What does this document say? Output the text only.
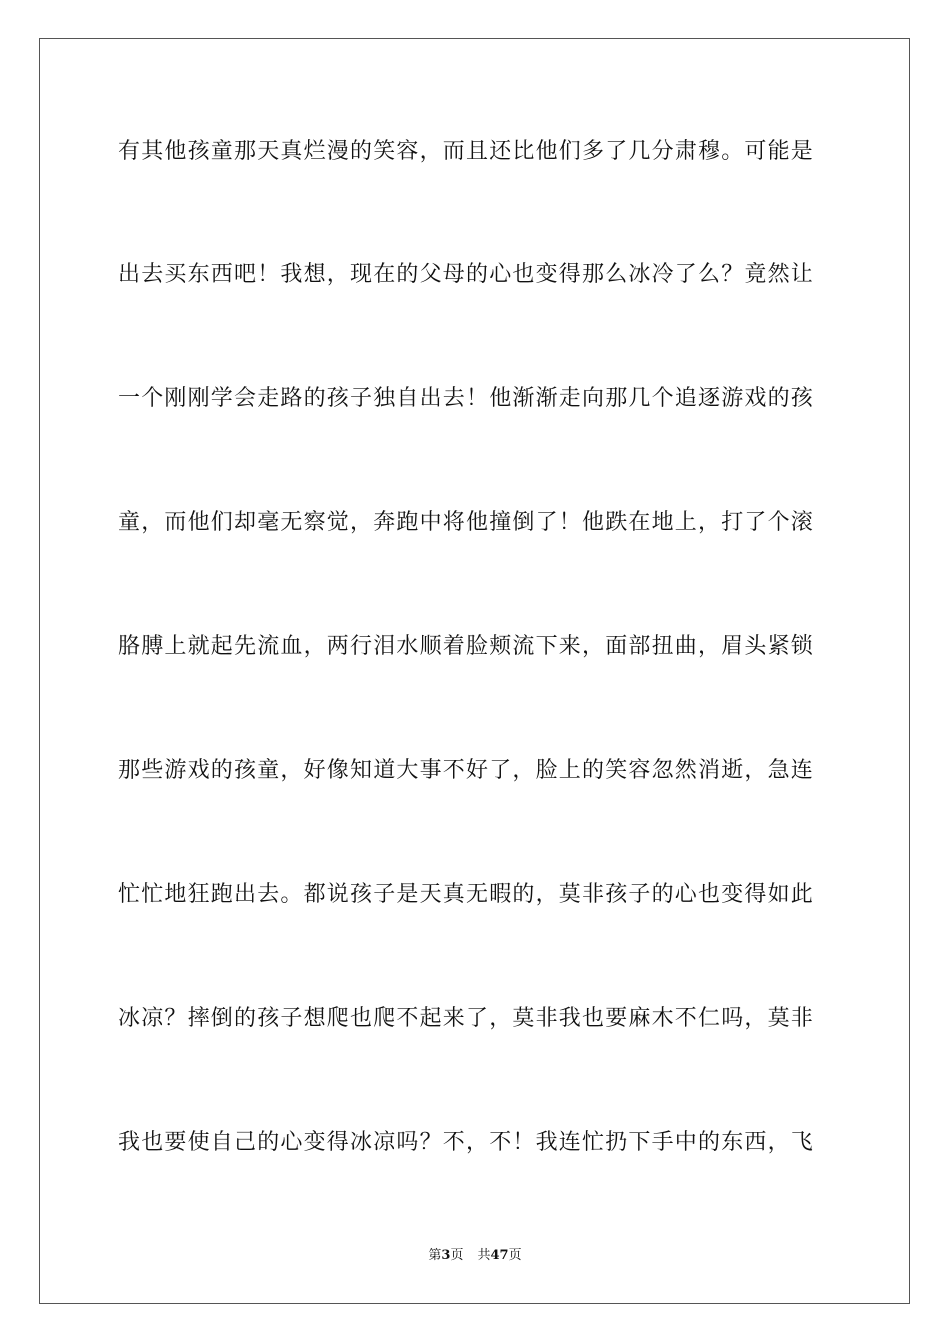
有其他孩童那天真烂漫的笑容，而且还比他们多了几分肃穆。可能是
出去买东西吧！我想，现在的父母的心也变得那么冰冷了么？竟然让
一个刚刚学会走路的孩子独自出去！他渐渐走向那几个追逐游戏的孩
童，而他们却毫无察觉，奔跑中将他撞倒了！他跌在地上，打了个滚
胳膊上就起先流血，两行泪水顺着脸颊流下来，面部扭曲，眉头紧锁
那些游戏的孩童，好像知道大事不好了，脸上的笑容忽然消逝，急连
忙忙地狂跑出去。都说孩子是天真无暇的，莫非孩子的心也变得如此
冰凉？摔倒的孩子想爬也爬不起来了，莫非我也要麻木不仁吗，莫非
我也要使自己的心变得冰凉吗？不，不！我连忙扔下手中的东西，飞
第3页 共47页
